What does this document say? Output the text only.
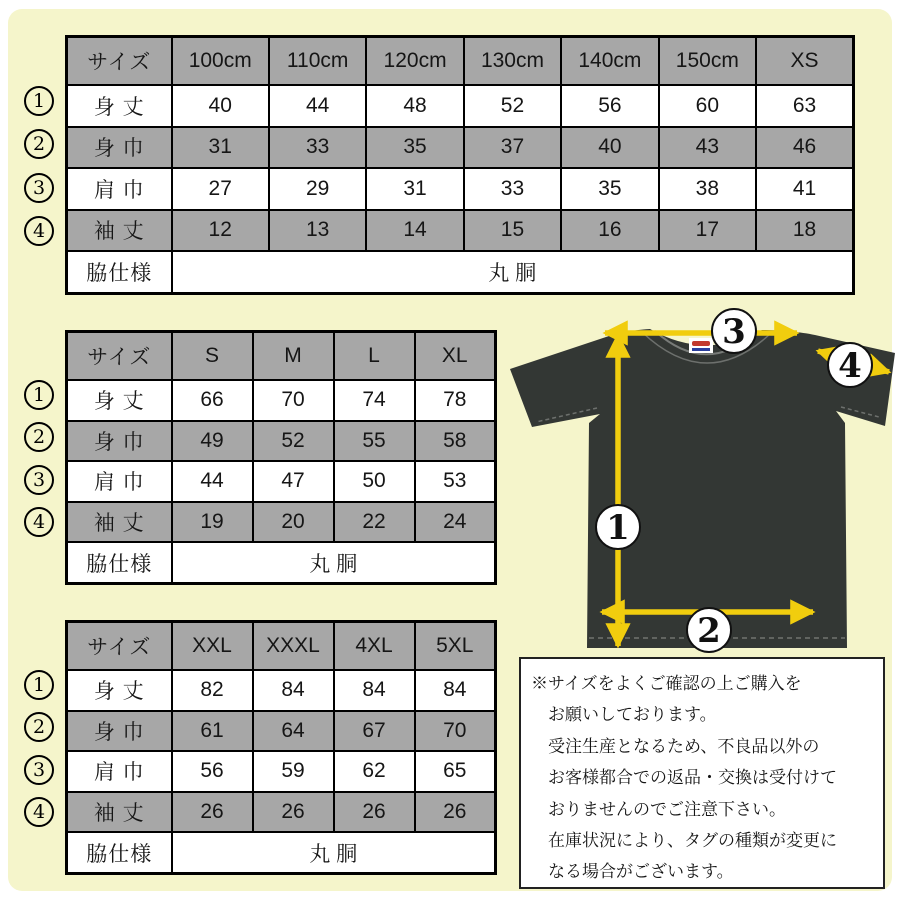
サイズ	100cm	110cm	120cm	130cm	140cm	150cm	XS
身 丈	40	44	48	52	56	60	63
身 巾	31	33	35	37	40	43	46
肩 巾	27	29	31	33	35	38	41
袖 丈	12	13	14	15	16	17	18
脇仕様	丸 胴						
1
2
3
4
サイズ	S	M	L	XL
身 丈	66	70	74	78
身 巾	49	52	55	58
肩 巾	44	47	50	53
袖 丈	19	20	22	24
脇仕様	丸 胴			
1
2
3
4
サイズ	XXL	XXXL	4XL	5XL
身 丈	82	84	84	84
身 巾	61	64	67	70
肩 巾	56	59	62	65
袖 丈	26	26	26	26
脇仕様	丸 胴			
1
2
3
4
1
2
3
4
※サイズをよくご確認の上ご購入を
お願いしております。
受注生産となるため、不良品以外の
お客様都合での返品・交換は受付けて
おりませんのでご注意下さい。
在庫状況により、タグの種類が変更に
なる場合がございます。
